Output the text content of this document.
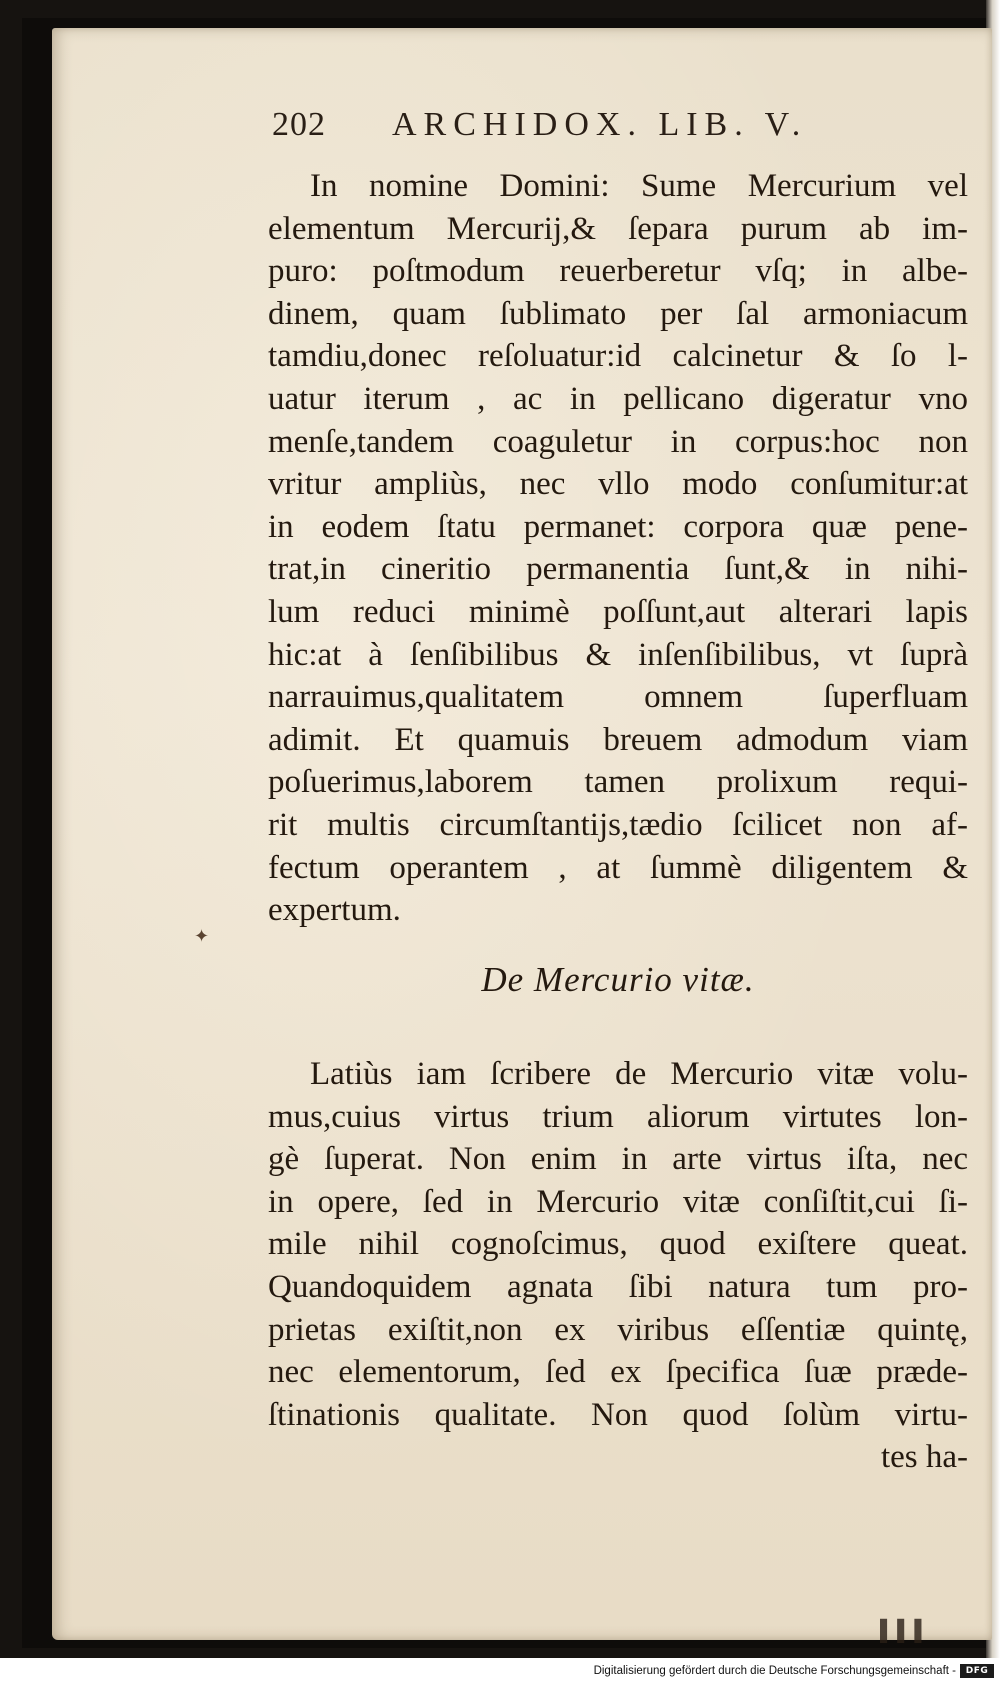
202 ARCHIDOX. LIB. V.
In nomine Domini: Sume Mercurium vel
elementum Mercurij,& ſepara purum ab im-
puro: poſtmodum reuerberetur vſq; in albe-
dinem, quam ſublimato per ſal armoniacum
tamdiu,donec reſoluatur:id calcinetur & ſo l-
uatur iterum , ac in pellicano digeratur vno
menſe,tandem coaguletur in corpus:hoc non
vritur ampliùs, nec vllo modo conſumitur:at
in eodem ſtatu permanet: corpora quæ pene-
trat,in cineritio permanentia ſunt,& in nihi-
lum reduci minimè poſſunt,aut alterari lapis
hic:at à ſenſibilibus & inſenſibilibus, vt ſuprà
narrauimus,qualitatem omnem ſuperfluam
adimit. Et quamuis breuem admodum viam
poſuerimus,laborem tamen prolixum requi-
rit multis circumſtantijs,tædio ſcilicet non af-
fectum operantem , at ſummè diligentem &
expertum.
✦
De Mercurio vitæ.
Latiùs iam ſcribere de Mercurio vitæ volu-
mus,cuius virtus trium aliorum virtutes lon-
gè ſuperat. Non enim in arte virtus iſta, nec
in opere, ſed in Mercurio vitæ conſiſtit,cui ſi-
mile nihil cognoſcimus, quod exiſtere queat.
Quandoquidem agnata ſibi natura tum pro-
prietas exiſtit,non ex viribus eſſentiæ quintę,
nec elementorum, ſed ex ſpecifica ſuæ præde-
ſtinationis qualitate. Non quod ſolùm virtu-
tes ha-
▌▌▌
Digitalisierung gefördert durch die Deutsche Forschungsgemeinschaft -	DFG
